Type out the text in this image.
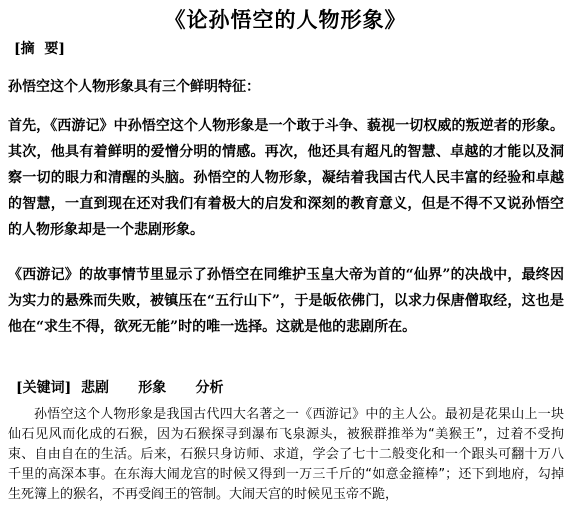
《论孙悟空的人物形象》
[摘  要]
孙悟空这个人物形象具有三个鲜明特征：
首先，《西游记》中孙悟空这个人物形象是一个敢于斗争、藐视一切权威的叛逆者的形象。其次，他具有着鲜明的爱憎分明的情感。再次，他还具有超凡的智慧、卓越的才能以及洞察一切的眼力和清醒的头脑。孙悟空的人物形象，凝结着我国古代人民丰富的经验和卓越的智慧，一直到现在还对我们有着极大的启发和深刻的教育意义，但是不得不又说孙悟空的人物形象却是一个悲剧形象。
《西游记》的故事情节里显示了孙悟空在同维护玉皇大帝为首的“仙界”的决战中，最终因为实力的悬殊而失败，被镇压在“五行山下”，于是皈依佛门，以求力保唐僧取经，这也是他在“求生不得，欲死无能”时的唯一选择。这就是他的悲剧所在。
[关键词]  悲剧      形象      分析
孙悟空这个人物形象是我国古代四大名著之一《西游记》中的主人公。最初是花果山上一块仙石见风而化成的石猴，因为石猴探寻到瀑布飞泉源头，被猴群推举为“美猴王”，过着不受拘束、自由自在的生活。后来，石猴只身访师、求道，学会了七十二般变化和一个跟头可翻十万八千里的高深本事。在东海大闹龙宫的时候又得到一万三千斤的“如意金箍棒”；还下到地府，勾掉生死簿上的猴名，不再受阎王的管制。大闹天宫的时候见玉帝不跪，
